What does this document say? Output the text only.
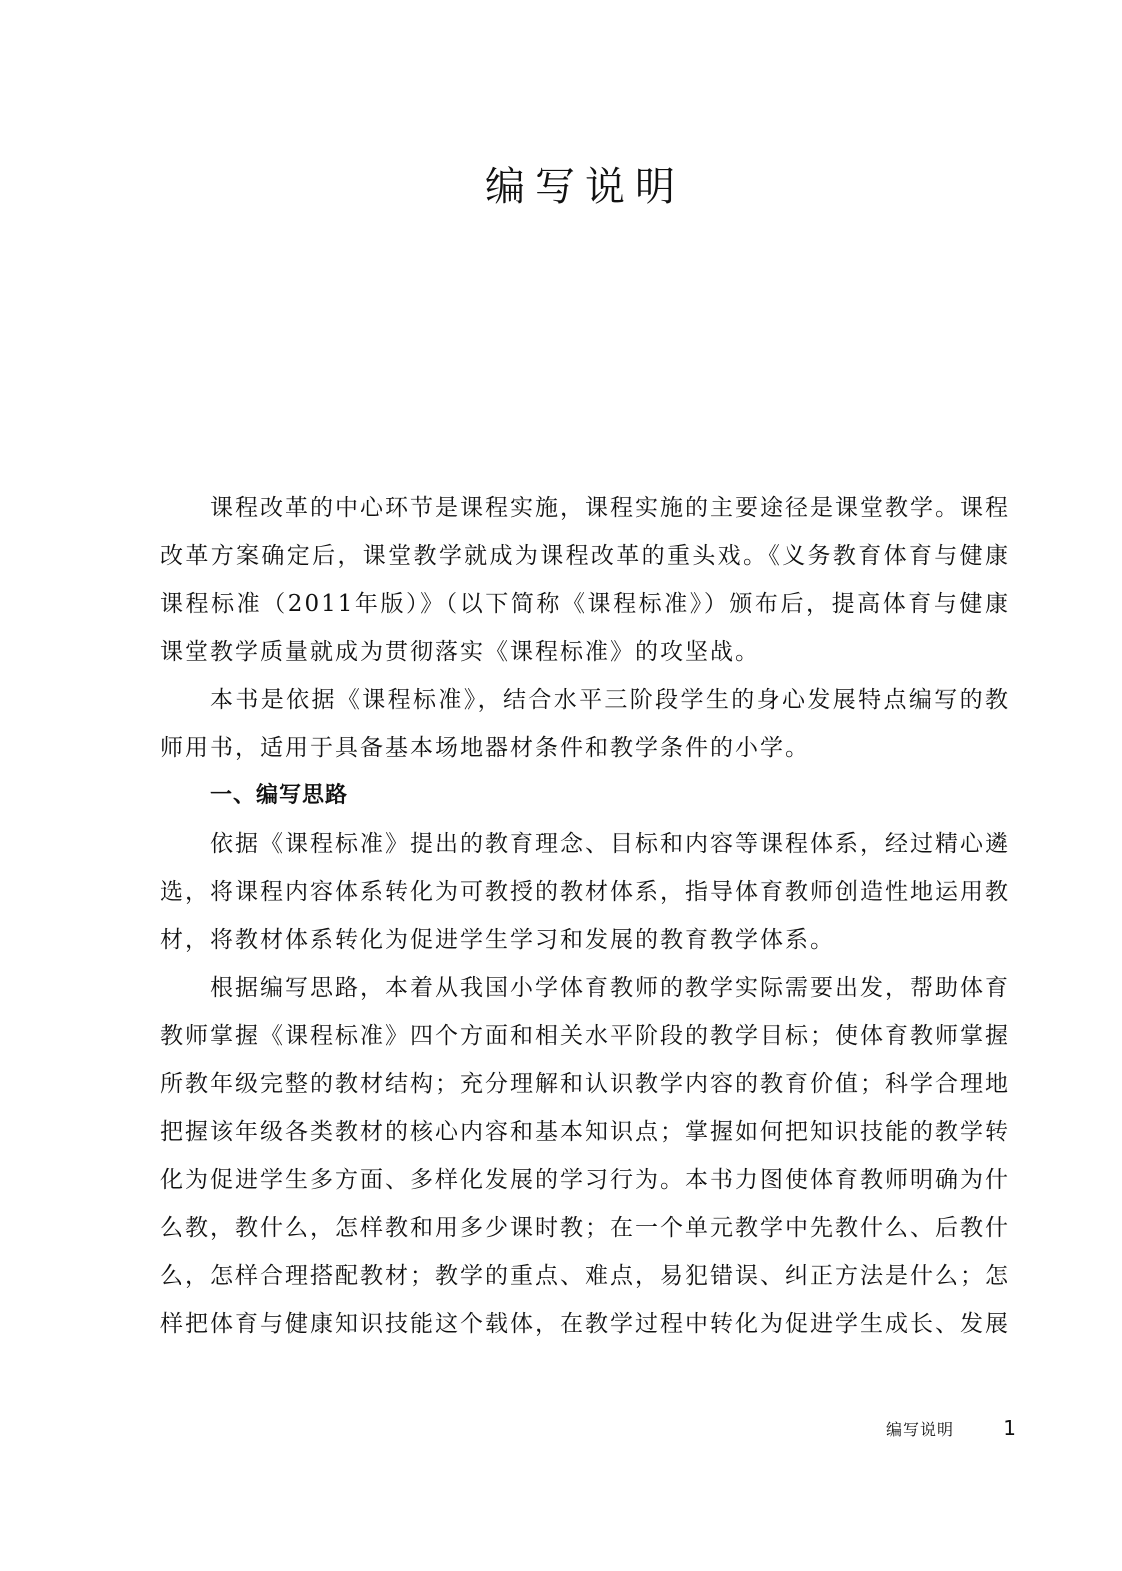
编写说明

课程改革的中心环节是课程实施，课程实施的主要途径是课堂教学。课程改革方案确定后，课堂教学就成为课程改革的重头戏。《义务教育体育与健康课程标准（2011年版）》（以下简称《课程标准》）颁布后，提高体育与健康课堂教学质量就成为贯彻落实《课程标准》的攻坚战。

本书是依据《课程标准》，结合水平三阶段学生的身心发展特点编写的教师用书，适用于具备基本场地器材条件和教学条件的小学。

一、编写思路

依据《课程标准》提出的教育理念、目标和内容等课程体系，经过精心遴选，将课程内容体系转化为可教授的教材体系，指导体育教师创造性地运用教材，将教材体系转化为促进学生学习和发展的教育教学体系。

根据编写思路，本着从我国小学体育教师的教学实际需要出发，帮助体育教师掌握《课程标准》四个方面和相关水平阶段的教学目标；使体育教师掌握所教年级完整的教材结构；充分理解和认识教学内容的教育价值；科学合理地把握该年级各类教材的核心内容和基本知识点；掌握如何把知识技能的教学转化为促进学生多方面、多样化发展的学习行为。本书力图使体育教师明确为什么教，教什么，怎样教和用多少课时教；在一个单元教学中先教什么、后教什么，怎样合理搭配教材；教学的重点、难点，易犯错误、纠正方法是什么；怎样把体育与健康知识技能这个载体，在教学过程中转化为促进学生成长、发展

编写说明 1
